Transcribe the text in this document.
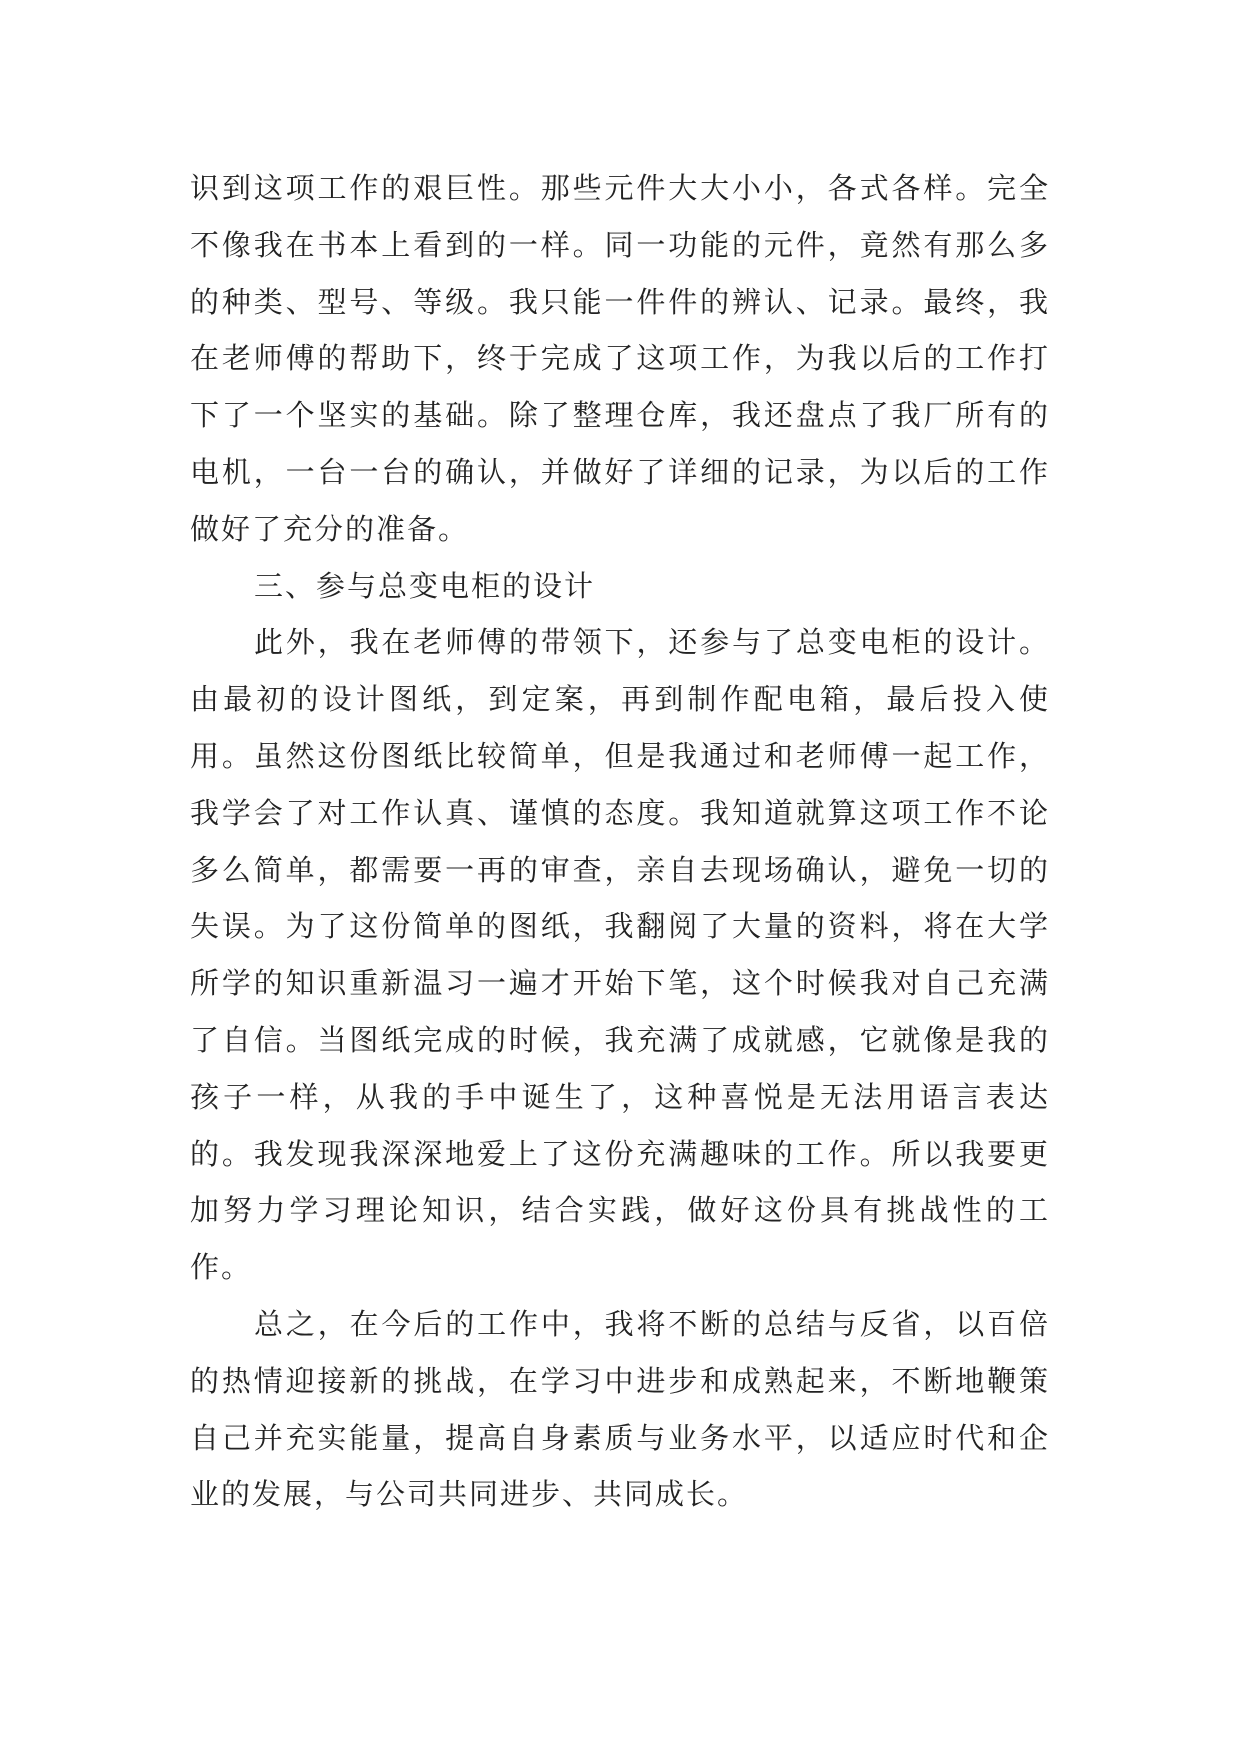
识到这项工作的艰巨性。那些元件大大小小，各式各样。完全不像我在书本上看到的一样。同一功能的元件，竟然有那么多的种类、型号、等级。我只能一件件的辨认、记录。最终，我在老师傅的帮助下，终于完成了这项工作，为我以后的工作打下了一个坚实的基础。除了整理仓库，我还盘点了我厂所有的电机，一台一台的确认，并做好了详细的记录，为以后的工作做好了充分的准备。

三、参与总变电柜的设计

此外，我在老师傅的带领下，还参与了总变电柜的设计。由最初的设计图纸，到定案，再到制作配电箱，最后投入使用。虽然这份图纸比较简单，但是我通过和老师傅一起工作，我学会了对工作认真、谨慎的态度。我知道就算这项工作不论多么简单，都需要一再的审查，亲自去现场确认，避免一切的失误。为了这份简单的图纸，我翻阅了大量的资料，将在大学所学的知识重新温习一遍才开始下笔，这个时候我对自己充满了自信。当图纸完成的时候，我充满了成就感，它就像是我的孩子一样，从我的手中诞生了，这种喜悦是无法用语言表达的。我发现我深深地爱上了这份充满趣味的工作。所以我要更加努力学习理论知识，结合实践，做好这份具有挑战性的工作。

总之，在今后的工作中，我将不断的总结与反省，以百倍的热情迎接新的挑战，在学习中进步和成熟起来，不断地鞭策自己并充实能量，提高自身素质与业务水平，以适应时代和企业的发展，与公司共同进步、共同成长。
